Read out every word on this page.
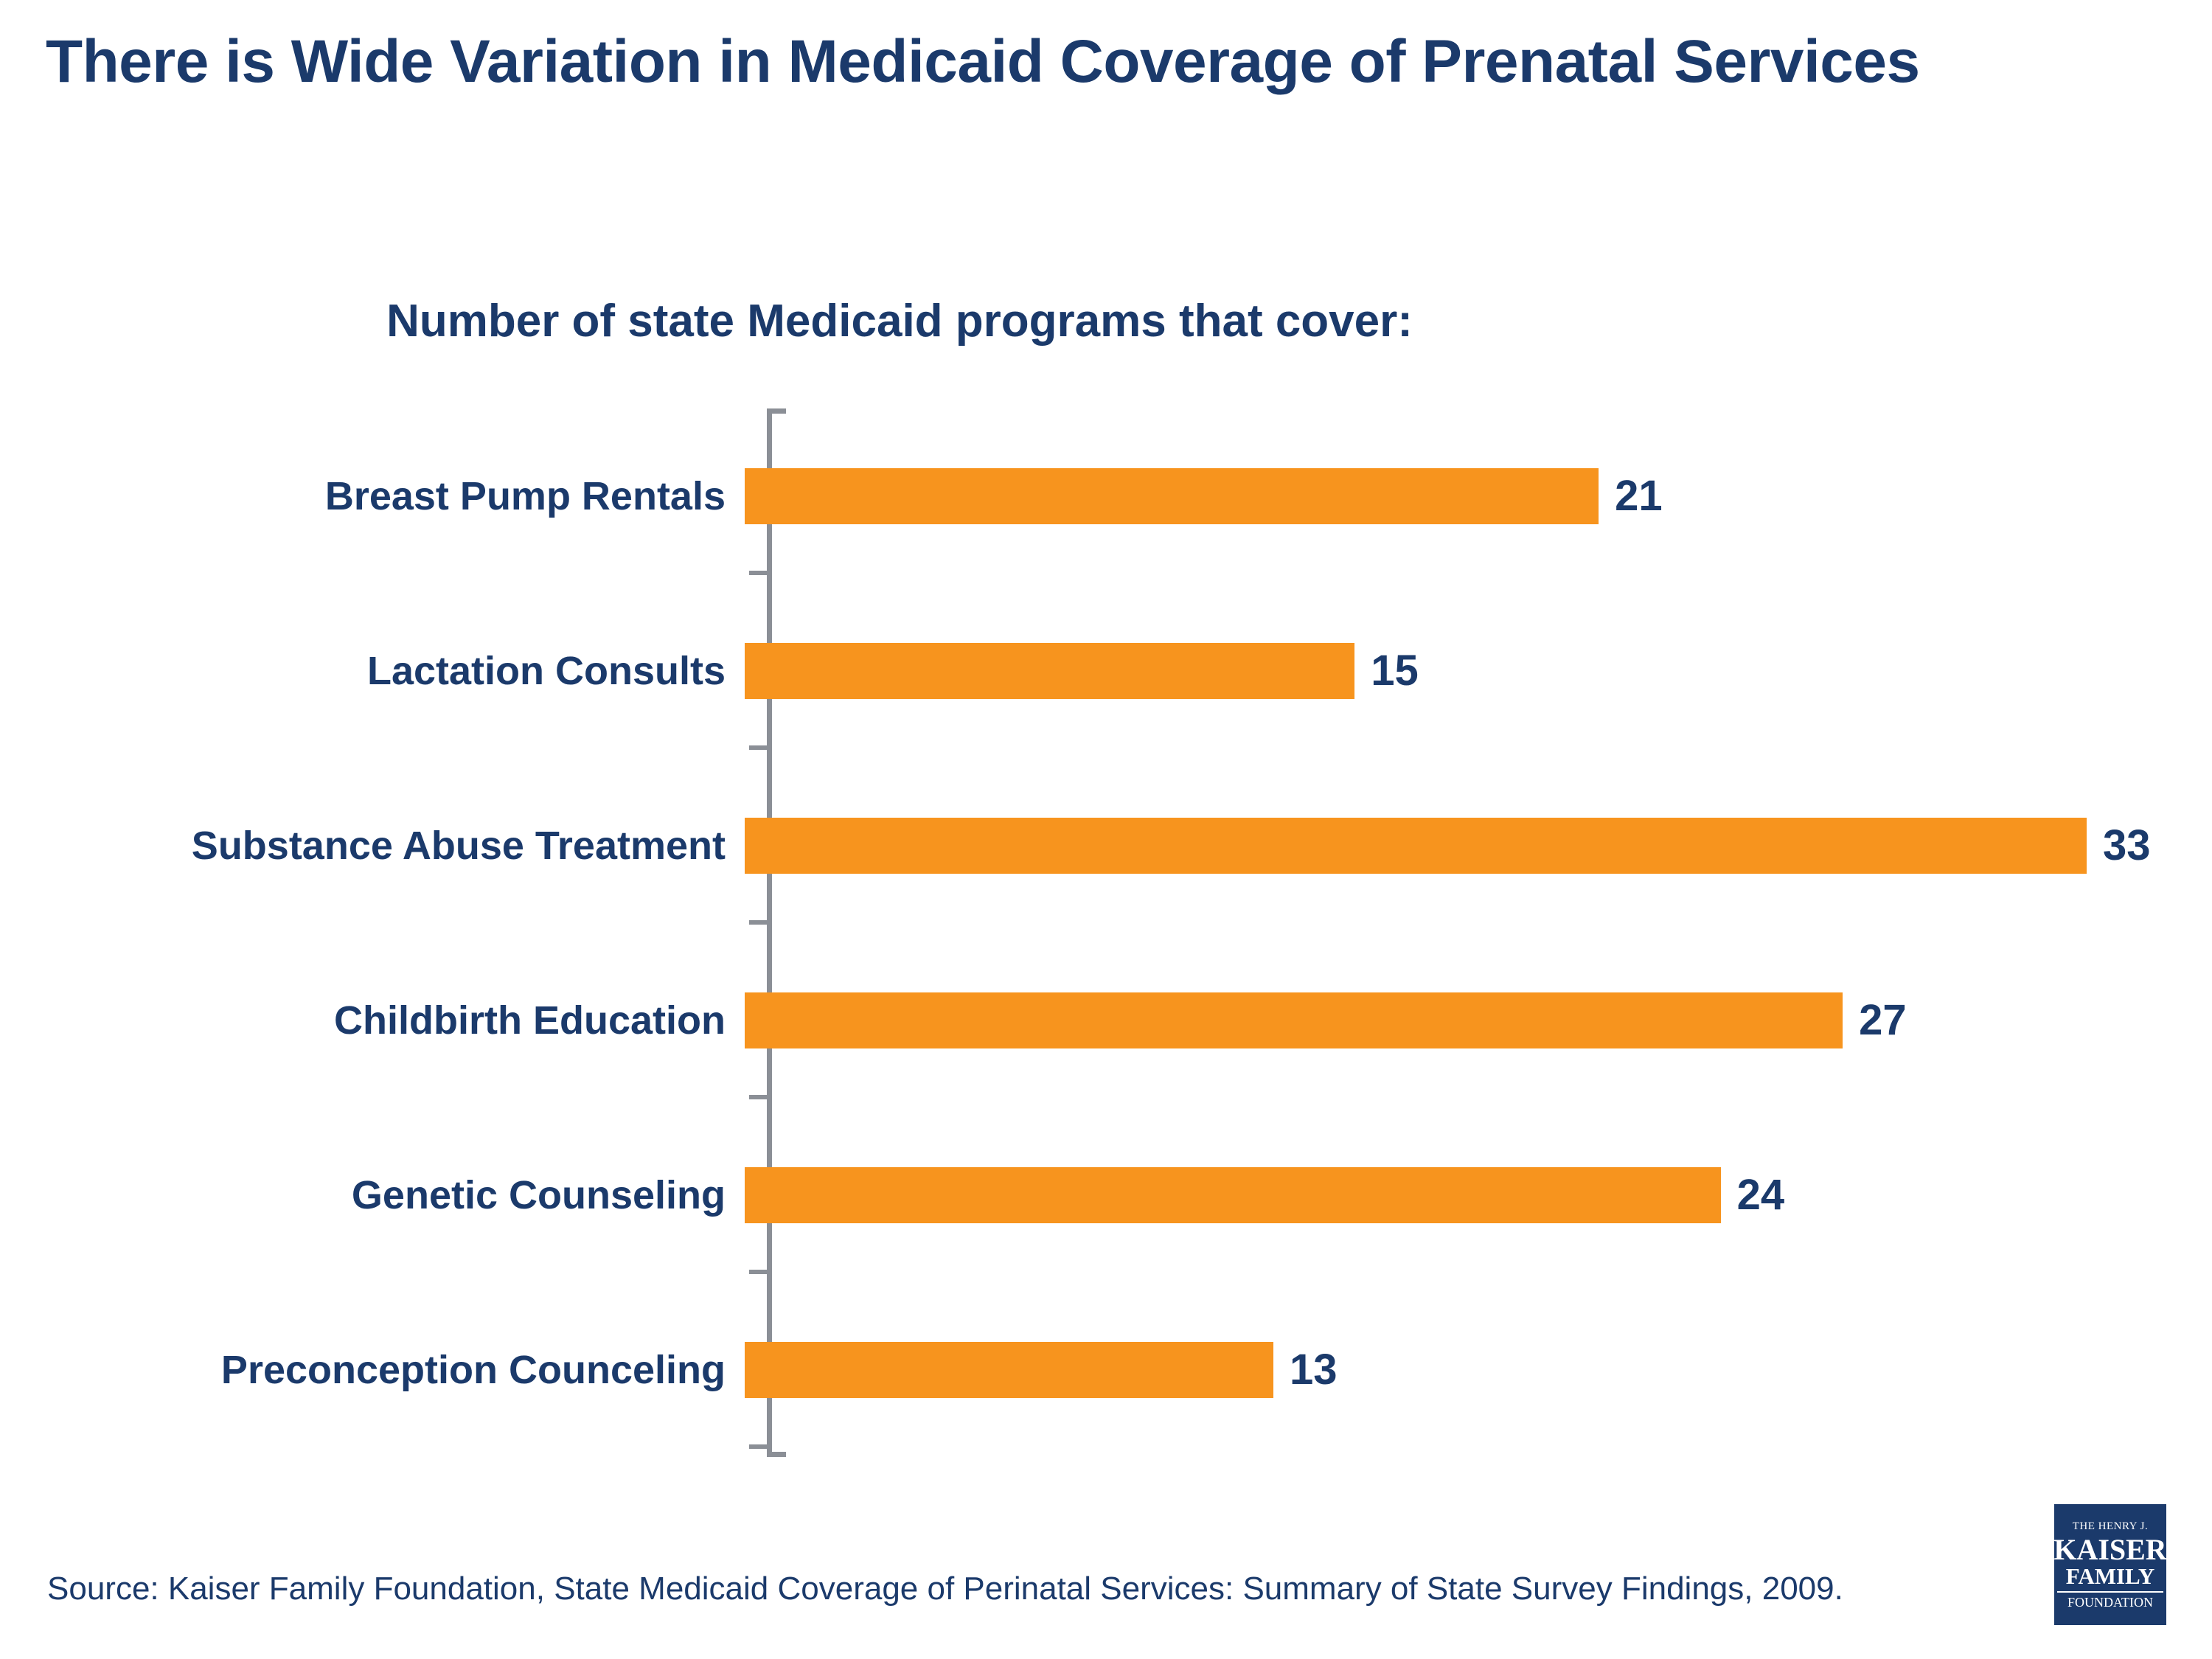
There is Wide Variation in Medicaid Coverage of Prenatal Services
Number of state Medicaid programs that cover:
Breast Pump Rentals	21
Lactation Consults	15
Substance Abuse Treatment	33
Childbirth Education	27
Genetic Counseling	24
Preconception Counceling	13
Source: Kaiser Family Foundation, State Medicaid Coverage of Perinatal Services: Summary of State Survey Findings, 2009.
THE HENRY J.
KAISER
FAMILY
FOUNDATION
